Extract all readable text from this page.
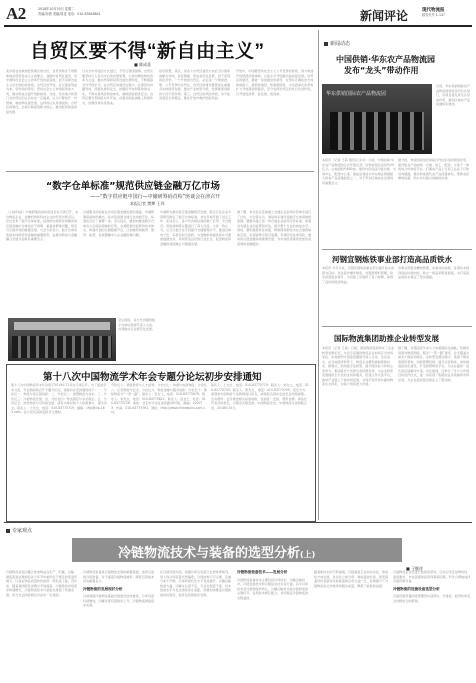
A2	2018年10月30日 星期二
责编/孙燕 美编/周雯 电话：010-83648841	新闻评论	现代物流报
邮发代号 1-147
自贸区要不得“新自由主义”
■ 陈成喜
某乡级农村城市经营模式的讨论，自贸试验区不得简单地沿用新自由主义的理念，我国的自贸区建设，是中国特色社会主义改革开放的新高地，而不是新自由主义在中国的试验场。自贸区的开放，应以国家利益为本，坚持党的领导，坚持社会主义市场经济的方向，推动形成全面开放新格局。当前，有些地方和部门对自贸区的认识存在一定偏差，认为只要放开一切管制，就能够实现发展，这样的认识是错误的。自贸区的建设，必须以制度创新为核心，推动经济的高质量发展。
以完全市场化的方式进行，不符合我国国情。自贸区要坚持以人民为中心的发展思想，以供给侧结构性改革为主线，推动贸易和投资自由化便利化，不断提高对外开放水平。在自贸区的建设过程中，必须坚持问题导向，统筹发展和安全，把握好开放和管控的关系，不断完善风险防控体系，确保国家经济安全。自贸区要引领国家对外开放，在服务国家战略上积极作为，加强改革系统集成。
指导思想，其次，是各个自贸区建设方向应当以国家战略为导向，各有侧重，形成差异化发展，而不是同质化竞争。一个开放的自贸区，必定是一个规则透明、公平竞争的自贸区，自贸区的建设要更加注重服务实体经济发展，推动产业转型升级，发挥制度创新的示范引领作用。第三，自贸区的风险防控，决不能忽视安全和稳定，要在开放中维护国家利益。
开放中，中国要坚持社会主义公平竞争的原则，努力构建开放型经济新体制，以高水平开放推动高质量发展。自贸区的建设，要进一步加强党的领导，在坚持正确政治方向的前提下，探索新途径、积累新经验，为全面深化改革和扩大开放探索新路径，充分发挥自贸区的先行先试作用，以开放促改革、促发展、促创新。
“数字仓单标准”规范供应链金融万亿市场
——“数字供应链中国行—中储研筹码首检”座谈会在津召开
本报记者 樊攀 王玮
（上接A1版）中储研筹码首检座谈会在天津召开，来自物流企业、金融机构和科技企业的代表出席会议。会议发布了数字仓单标准，标准的实施将有效解决供应链金融中仓单信息不透明、重复质押等问题，规范万亿级市场的健康发展。与会专家表示，数字仓单是连接实体经济和金融的重要纽带，在推动物流与金融融合发展方面具有重要意义。
仓储服务的标准化是供应链金融发展的基础，中储研筹码首检的推出，标志着我国仓储行业向数字化、标准化迈出了重要一步。会议指出，要加快推进数字仓单在大宗商品领域的应用，完善配套的监管和技术体系，构建可信的仓储数据平台，让金融机构敢贷、愿贷、能贷，有效缓解中小企业融资难问题。
中储研为推动供应链金融规范发展，联合行业企业共同研究制定了数字仓单标准，并在多地开展了试点工作。座谈会上，各方代表就标准的推广应用、平台建设、风险控制等议题进行了深入交流。大家一致认为，应当以数字化手段提升仓储管理水平，推进仓单电子化、标准化和可流转，为金融机构提供真实可靠的数据支持，共同营造良好的行业生态，促进物流和金融的深度融合与健康发展。
据了解，本次会议还就建立仓储企业信用评价体系进行了讨论，与会者认为，诚信体系建设是数字仓单落地的保障，要推动建立统一的仓储企业信用评价标准，加强对仓储企业的监管和评估，提升整个行业的诚信水平。同时，要积极探索区块链、物联网等新技术在仓储领域的应用，实现货物全程可追溯，有效防范各类风险，推动供应链金融持续健康发展，为实体经济提供更加优质高效的金融服务。
会议现场，各方代表围绕数字仓单标准展开深入交流，共同推动行业规范化发展。
第十八次中国物流学术年会专题分论坛初步安排通知
第十八次中国物流学术年会将于2019年11月在天津召开，为了促进学术交流，年会期间将召开专题分论坛，现将初步安排通知如下：一、分论坛一：物流与供应链创新；二、分论坛二：智慧物流与技术；三、分论坛三：冷链物流发展；四、分论坛四：物流园区与多式联运；五、分论坛五：绿色物流与可持续发展；请有关单位和个人积极参与，提交论文，联系人：王先生，电话：010-83775719，邮箱：cflp@vip.163.com。各分论坛具体安排另行通知。
分论坛六：物流教育与人才培养；分论坛七：快递与电商物流；分论坛八：应急物流与安全；分论坛九：物流金融与服务创新；分论坛十：国际物流与“一带一路”；联系人：张女士，电话：010-83775678；联系人：李先生，电话：010-83775821；联系人：赵女士，电话：010-83775726；地址：北京市丰台区丽泽路16号院，邮编：100073，传真：010-83775761，网址：http://www.chinawuliu.com.cn/。
联系人：王先生，电话：010-83775719；联系人：刘女士，电话：010-83775733；联系人：陈先生，电话：010-83775790；报名方式：请登录中国物流与采购网进行报名，或将报名回执发送至会务组邮箱。会务费用：会务费按相关标准收取，住宿统一安排，费用自理。请各位代表及时报名，以便会务组安排。中国物流学会，中国物流与采购联合会，2018年10月。
新闻动态
中国供销·华东农产品物流园
发布“龙头”带动作用
华东供销国际农产品物流园
日前，华东供销国际农产品物流园项目签约仪式举行，该项目将发挥龙头带动作用，推动区域农产品流通体系建设。
本报讯（记者 王海 通讯员 张华）日前，中国供销·华东农产品物流园正式开园运营，该物流园总投资约20亿元，占地面积约800亩，建设内容包括冷链仓储、交易中心、配送中心等，建成后将成为华东地区规模最大的农产品流通枢纽之一，对于带动区域农业发展具有重要意义。
据介绍，物流园将依托供销合作社系统的网络优势，建设集农产品收购、仓储、加工、配送、交易于一体的综合性物流平台，打通农产品上行和工业品下行的双向通道，推动形成现代农产品流通体系，帮助农民增收致富，助力乡村振兴战略的实施。
河钢宣钢炼铁事业部打造高品质铁水
本报讯 今年以来，河钢宣钢炼铁事业部以提升铁水质量为目标，优化高炉操作制度，加强原燃料管理，铁水质量稳步提升，为后续工序提供了有力保障，取得了良好的经济效益。
该事业部强化精细管理，实施对标挖潜，各项技术经济指标持续向好，铁水一级品率明显提高，为打造高品质铁水奠定了坚实基础。
国际物流集团助推企业转型发展
本报讯（记者 王成）日前，国际物流集团举办了企业转型发展论坛，与会专家围绕物流企业如何应对市场变化、实现转型升级等话题展开深入讨论。论坛指出，在当前经济形势下，物流企业要积极拥抱新技术、新模式，加快数字化转型，提升服务能力和核心竞争力。集团将充分发挥自身资源优势，为企业转型发展提供全方位的支持和服务，搭建合作交流平台，推动产业链上下游协同发展，共同打造开放共赢的物流生态体系，为客户创造更大价值。
据了解，该集团近年来大力实施国际化战略，积极布局海外物流网络，服务“一带一路”建设，业务覆盖全球多个国家和地区。在转型发展过程中，集团不断完善组织架构，创新管理机制，提升运营效率，加快推进信息化建设，打造智慧物流平台，为企业提供一站式供应链解决方案。论坛期间，还举行了多个合作项目的签约仪式，进一步拓展了集团的业务领域和市场空间，为企业高质量发展注入了新动能。
专家观点
冷链物流技术与装备的选型分析(上)
■ 王继祥
冷链物流是指冷藏冷冻类物品在生产、贮藏、运输、销售直到消费前的各个环节中始终处于规定的低温环境下，以保证物品质量和性能的一项系统工程。近年来，随着我国居民消费水平的提高，冷链物流市场需求快速增长，冷链物流技术与装备也得到了快速发展，但与发达国家相比仍存在一定差距。
冷链物流装备是冷链物流发展的重要基础，选择合适的冷链装备，对于提高冷链物流效率、降低运营成本具有重要意义。
冷链物流的发展现状分析
目前我国冷链物流基础设施建设加快推进，冷库容量持续增加，冷藏车保有量稳步上升，冷链物流网络逐步完善。
在冷链设施方面，我国冷库总容量已位居世界前列，但人均冷库容量仍然偏低，冷库结构不尽合理，区域分布不平衡，冷库的现代化水平有待提升。冷藏运输装备方面，冷藏车总量不足，专业化程度不高，技术装备水平与发达国家存在差距，需要加快推进冷链装备的标准化、信息化和智能化发展。
冷链物流装备技术——发展分析
冷链物流装备技术主要包括冷库技术、冷藏运输技术、冷链包装技术和冷链信息技术等方面，其中冷库技术是冷链物流的核心，冷藏运输技术是冷链物流的关键环节，各项技术相互配合，共同保证冷链物流的全程温控。
随着新技术的不断涌现，冷链装备正在向自动化、智能化方向发展，自动化立体冷库、智能温控系统、新型保温材料等新技术新装备的应用日益广泛，有效提升了冷链物流的运作效率和服务质量，降低了能耗和货损。
冷链物流企业在进行装备选型时，应综合考虑货物特性、温度要求、作业流程和投资预算等因素，科学合理地选择冷链设施设备。
冷链物流的设施设备选型分析
冷链设施设备的选型要坚持适用性、先进性、经济性和安全性相结合的原则。
